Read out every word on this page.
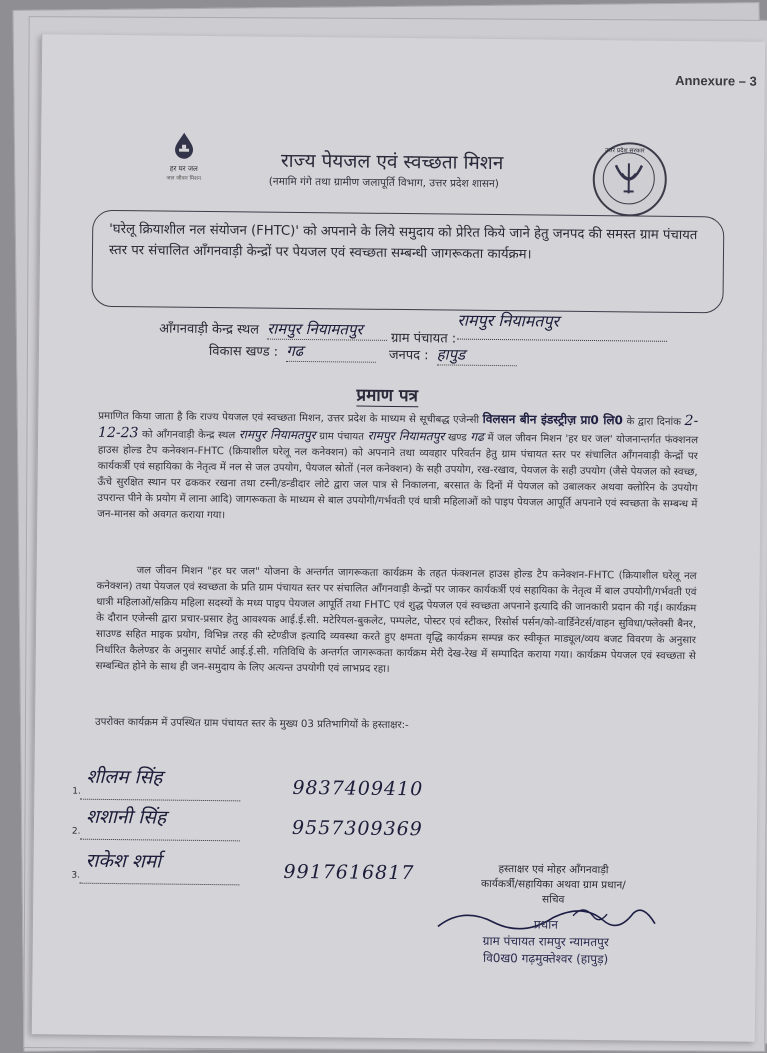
Annexure – 3
हर घर जल
जल जीवन मिशन
राज्य पेयजल एवं स्वच्छता मिशन
(नमामि गंगे तथा ग्रामीण जलापूर्ति विभाग, उत्तर प्रदेश शासन)
उत्तर प्रदेश सरकार
'घरेलू क्रियाशील नल संयोजन (FHTC)' को अपनाने के लिये समुदाय को प्रेरित किये जाने हेतु जनपद की समस्त ग्राम पंचायत स्तर पर संचालित आँगनवाड़ी केन्द्रों पर पेयजल एवं स्वच्छता सम्बन्धी जागरूकता कार्यक्रम।
आँगनवाड़ी केन्द्र स्थल रामपुर नियामतपुर
ग्राम पंचायत :
रामपुर नियामतपुर
विकास खण्ड : गढ	जनपद : हापुड
प्रमाण पत्र
प्रमाणित किया जाता है कि राज्य पेयजल एवं स्वच्छता मिशन, उत्तर प्रदेश के माध्यम से सूचीबद्ध एजेन्सी विलसन बीन इंडस्ट्रीज़ प्रा0 लि0 के द्वारा दिनांक 2-12-23 को आँगनवाड़ी केन्द्र स्थल रामपुर नियामतपुर ग्राम पंचायत रामपुर नियामतपुर खण्ड गढ में जल जीवन मिशन 'हर घर जल' योजनान्तर्गत फंक्शनल हाउस होल्ड टैप कनेक्शन-FHTC (क्रियाशील घरेलू नल कनेक्शन) को अपनाने तथा व्यवहार परिवर्तन हेतु ग्राम पंचायत स्तर पर संचालित आँगनवाड़ी केन्द्रों पर कार्यकर्त्री एवं सहायिका के नेतृत्व में नल से जल उपयोग, पेयजल स्रोतों (नल कनेक्शन) के सही उपयोग, रख-रखाव, पेयजल के सही उपयोग (जैसे पेयजल को स्वच्छ, ऊँचे सुरक्षित स्थान पर ढककर रखना तथा टस्नी/डन्डीदार लोटे द्वारा जल पात्र से निकालना, बरसात के दिनों में पेयजल को उबालकर अथवा क्लोरिन के उपयोग उपरान्त पीने के प्रयोग में लाना आदि) जागरूकता के माध्यम से बाल उपयोगी/गर्भवती एवं धात्री महिलाओं को पाइप पेयजल आपूर्ति अपनाने एवं स्वच्छता के सम्बन्ध में जन-मानस को अवगत कराया गया।
जल जीवन मिशन "हर घर जल" योजना के अन्तर्गत जागरूकता कार्यक्रम के तहत फंक्शनल हाउस होल्ड टैप कनेक्शन-FHTC (क्रियाशील घरेलू नल कनेक्शन) तथा पेयजल एवं स्वच्छता के प्रति ग्राम पंचायत स्तर पर संचालित आँगनवाड़ी केन्द्रों पर जाकर कार्यकर्त्री एवं सहायिका के नेतृत्व में बाल उपयोगी/गर्भवती एवं धात्री महिलाओं/सक्रिय महिला सदस्यों के मध्य पाइप पेयजल आपूर्ति तथा FHTC एवं शुद्ध पेयजल एवं स्वच्छता अपनाने इत्यादि की जानकारी प्रदान की गई। कार्यक्रम के दौरान एजेन्सी द्वारा प्रचार-प्रसार हेतु आवश्यक आई.ई.सी. मटेरियल-बुकलेट, पम्पलेट, पोस्टर एवं स्टीकर, रिसोर्स पर्सन/को-वार्डिनेटर्स/वाहन सुविधा/फ्लेक्सी बैनर, साउण्ड सहित माइक प्रयोग, विभिन्न तरह की स्टेण्डीज इत्यादि व्यवस्था करते हुए क्षमता वृद्धि कार्यक्रम सम्पन्न कर स्वीकृत माड्यूल/व्यय बजट विवरण के अनुसार निर्धारित कैलेण्डर के अनुसार सपोर्ट आई.ई.सी. गतिविधि के अन्तर्गत जागरूकता कार्यक्रम मेरी देख-रेख में सम्पादित कराया गया। कार्यक्रम पेयजल एवं स्वच्छता से सम्बन्धित होने के साथ ही जन-समुदाय के लिए अत्यन्त उपयोगी एवं लाभप्रद रहा।
उपरोक्त कार्यक्रम में उपस्थित ग्राम पंचायत स्तर के मुख्य 03 प्रतिभागियों के हस्ताक्षर:-
1.
शीलम सिंह	9837409410
2.
शशानी सिंह	9557309369
3.
राकेश शर्मा	9917616817	हस्ताक्षर एवं मोहर आँगनवाड़ी कार्यकर्त्री/सहायिका अथवा ग्राम प्रधान/सचिव
प्रधान
ग्राम पंचायत रामपुर न्यामतपुर
वि0ख0 गढ़मुक्तेश्वर (हापुड़)
